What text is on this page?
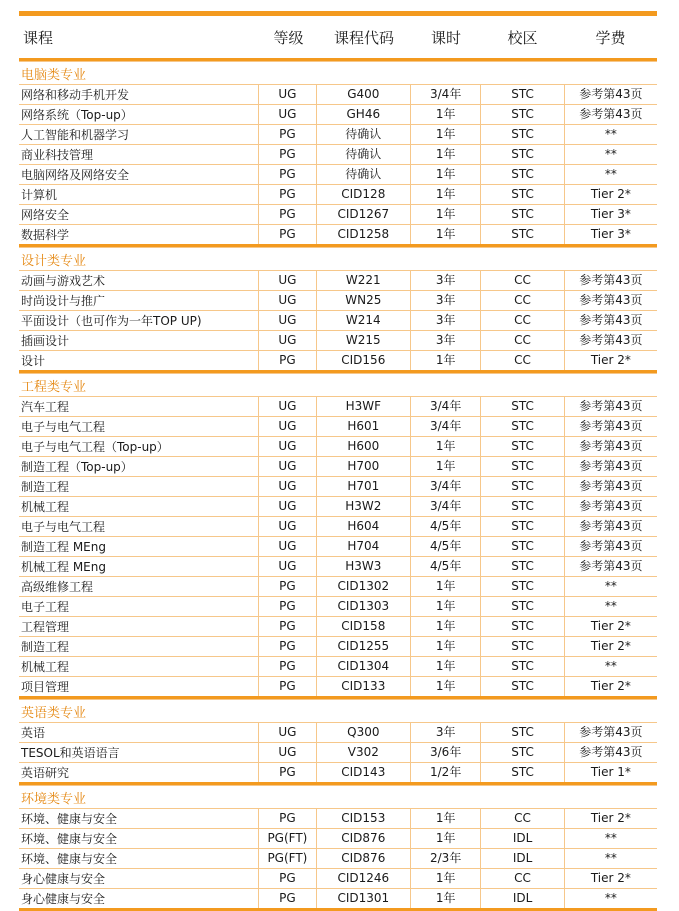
课程	等级	课程代码	课时	校区	学费
电脑类专业
网络和移动手机开发	UG	G400	3/4年	STC	参考第43页
网络系统（Top-up）	UG	GH46	1年	STC	参考第43页
人工智能和机器学习	PG	待确认	1年	STC	**
商业科技管理	PG	待确认	1年	STC	**
电脑网络及网络安全	PG	待确认	1年	STC	**
计算机	PG	CID128	1年	STC	Tier 2*
网络安全	PG	CID1267	1年	STC	Tier 3*
数据科学	PG	CID1258	1年	STC	Tier 3*
设计类专业
动画与游戏艺术	UG	W221	3年	CC	参考第43页
时尚设计与推广	UG	WN25	3年	CC	参考第43页
平面设计（也可作为一年TOP UP)	UG	W214	3年	CC	参考第43页
插画设计	UG	W215	3年	CC	参考第43页
设计	PG	CID156	1年	CC	Tier 2*
工程类专业
汽车工程	UG	H3WF	3/4年	STC	参考第43页
电子与电气工程	UG	H601	3/4年	STC	参考第43页
电子与电气工程（Top-up）	UG	H600	1年	STC	参考第43页
制造工程（Top-up）	UG	H700	1年	STC	参考第43页
制造工程	UG	H701	3/4年	STC	参考第43页
机械工程	UG	H3W2	3/4年	STC	参考第43页
电子与电气工程	UG	H604	4/5年	STC	参考第43页
制造工程 MEng	UG	H704	4/5年	STC	参考第43页
机械工程 MEng	UG	H3W3	4/5年	STC	参考第43页
高级维修工程	PG	CID1302	1年	STC	**
电子工程	PG	CID1303	1年	STC	**
工程管理	PG	CID158	1年	STC	Tier 2*
制造工程	PG	CID1255	1年	STC	Tier 2*
机械工程	PG	CID1304	1年	STC	**
项目管理	PG	CID133	1年	STC	Tier 2*
英语类专业
英语	UG	Q300	3年	STC	参考第43页
TESOL和英语语言	UG	V302	3/6年	STC	参考第43页
英语研究	PG	CID143	1/2年	STC	Tier 1*
环境类专业
环境、健康与安全	PG	CID153	1年	CC	Tier 2*
环境、健康与安全	PG(FT)	CID876	1年	IDL	**
环境、健康与安全	PG(FT)	CID876	2/3年	IDL	**
身心健康与安全	PG	CID1246	1年	CC	Tier 2*
身心健康与安全	PG	CID1301	1年	IDL	**
